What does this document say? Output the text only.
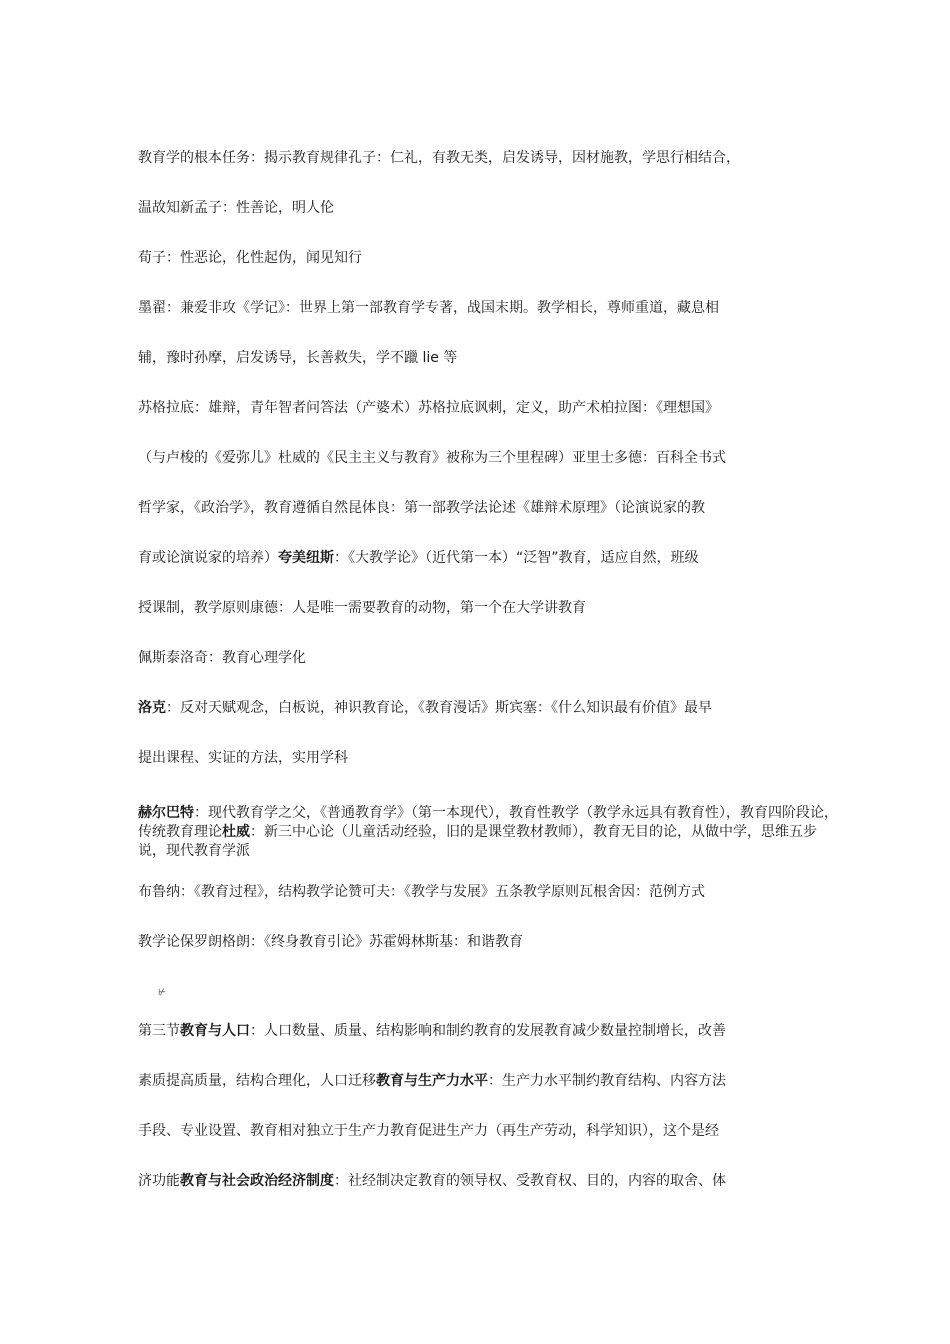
教育学的根本任务：揭示教育规律孔子：仁礼，有教无类，启发诱导，因材施教，学思行相结合，
温故知新孟子：性善论，明人伦
荀子：性恶论，化性起伪，闻见知行
墨翟：兼爱非攻《学记》：世界上第一部教育学专著，战国末期。教学相长，尊师重道，藏息相
辅，豫时孙摩，启发诱导，长善救失，学不躐 lie 等
苏格拉底：雄辩，青年智者问答法（产婆术）苏格拉底讽刺，定义，助产术柏拉图：《理想国》
（与卢梭的《爱弥儿》杜威的《民主主义与教育》被称为三个里程碑）亚里士多德：百科全书式
哲学家，《政治学》，教育遵循自然昆体良：第一部教学法论述《雄辩术原理》（论演说家的教
育或论演说家的培养）夸美纽斯：《大教学论》（近代第一本）“泛智”教育，适应自然，班级
授课制，教学原则康德：人是唯一需要教育的动物，第一个在大学讲教育
佩斯泰洛奇：教育心理学化
洛克：反对天赋观念，白板说，神识教育论，《教育漫话》斯宾塞：《什么知识最有价值》最早
提出课程、实证的方法，实用学科
赫尔巴特：现代教育学之父，《普通教育学》（第一本现代），教育性教学（教学永远具有教育性），教育四阶段论，传统教育理论杜威：新三中心论（儿童活动经验，旧的是课堂教材教师），教育无目的论，从做中学，思维五步说，现代教育学派
布鲁纳：《教育过程》，结构教学论赞可夫：《教学与发展》五条教学原则瓦根舍因：范例方式
教学论保罗朗格朗：《终身教育引论》苏霍姆林斯基：和谐教育
⊬
第三节教育与人口：人口数量、质量、结构影响和制约教育的发展教育减少数量控制增长，改善
素质提高质量，结构合理化，人口迁移教育与生产力水平：生产力水平制约教育结构、内容方法
手段、专业设置、教育相对独立于生产力教育促进生产力（再生产劳动，科学知识），这个是经
济功能教育与社会政治经济制度：社经制决定教育的领导权、受教育权、目的，内容的取舍、体
